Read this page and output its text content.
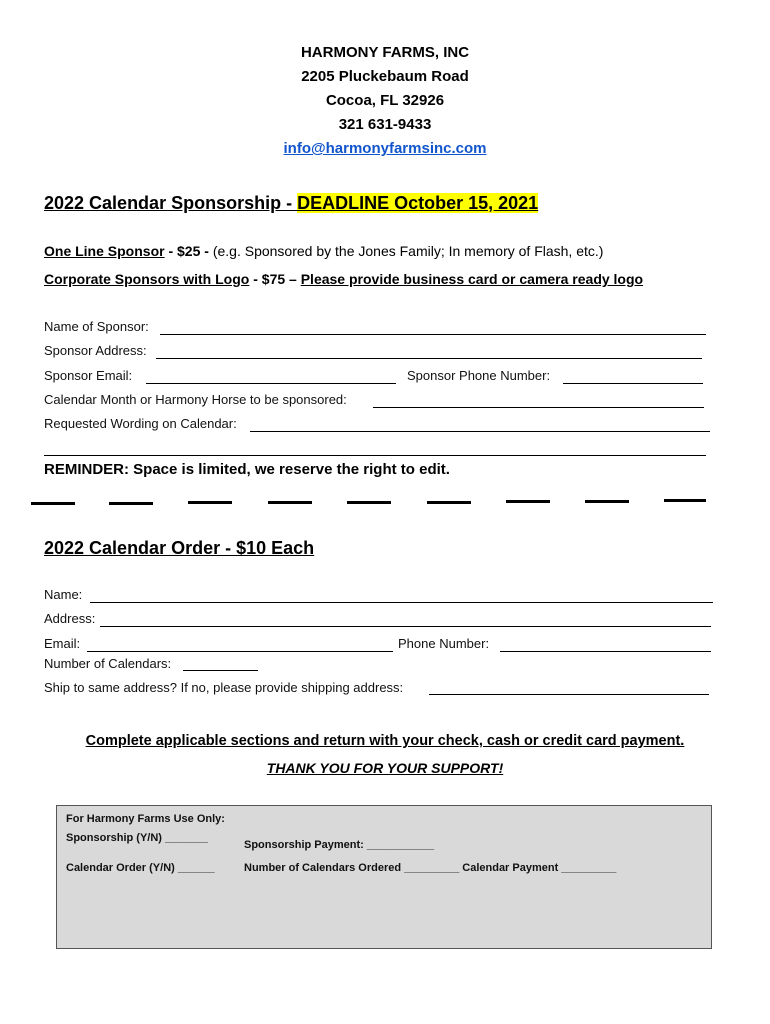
HARMONY FARMS, INC
2205 Pluckebaum Road
Cocoa, FL 32926
321 631-9433
info@harmonyfarmsinc.com
2022 Calendar Sponsorship - DEADLINE October 15, 2021
One Line Sponsor - $25 - (e.g. Sponsored by the Jones Family; In memory of Flash, etc.)
Corporate Sponsors with Logo - $75 – Please provide business card or camera ready logo
Name of Sponsor:
Sponsor Address:
Sponsor Email:	Sponsor Phone Number:
Calendar Month or Harmony Horse to be sponsored:
Requested Wording on Calendar:
REMINDER: Space is limited, we reserve the right to edit.
2022 Calendar Order - $10 Each
Name:
Address:
Email:	Phone Number:
Number of Calendars:
Ship to same address? If no, please provide shipping address:
Complete applicable sections and return with your check, cash or credit card payment.
THANK YOU FOR YOUR SUPPORT!
For Harmony Farms Use Only:
Sponsorship (Y/N) _______
Sponsorship Payment: ___________
Calendar Order (Y/N) ______	Number of Calendars Ordered _________ Calendar Payment _________
